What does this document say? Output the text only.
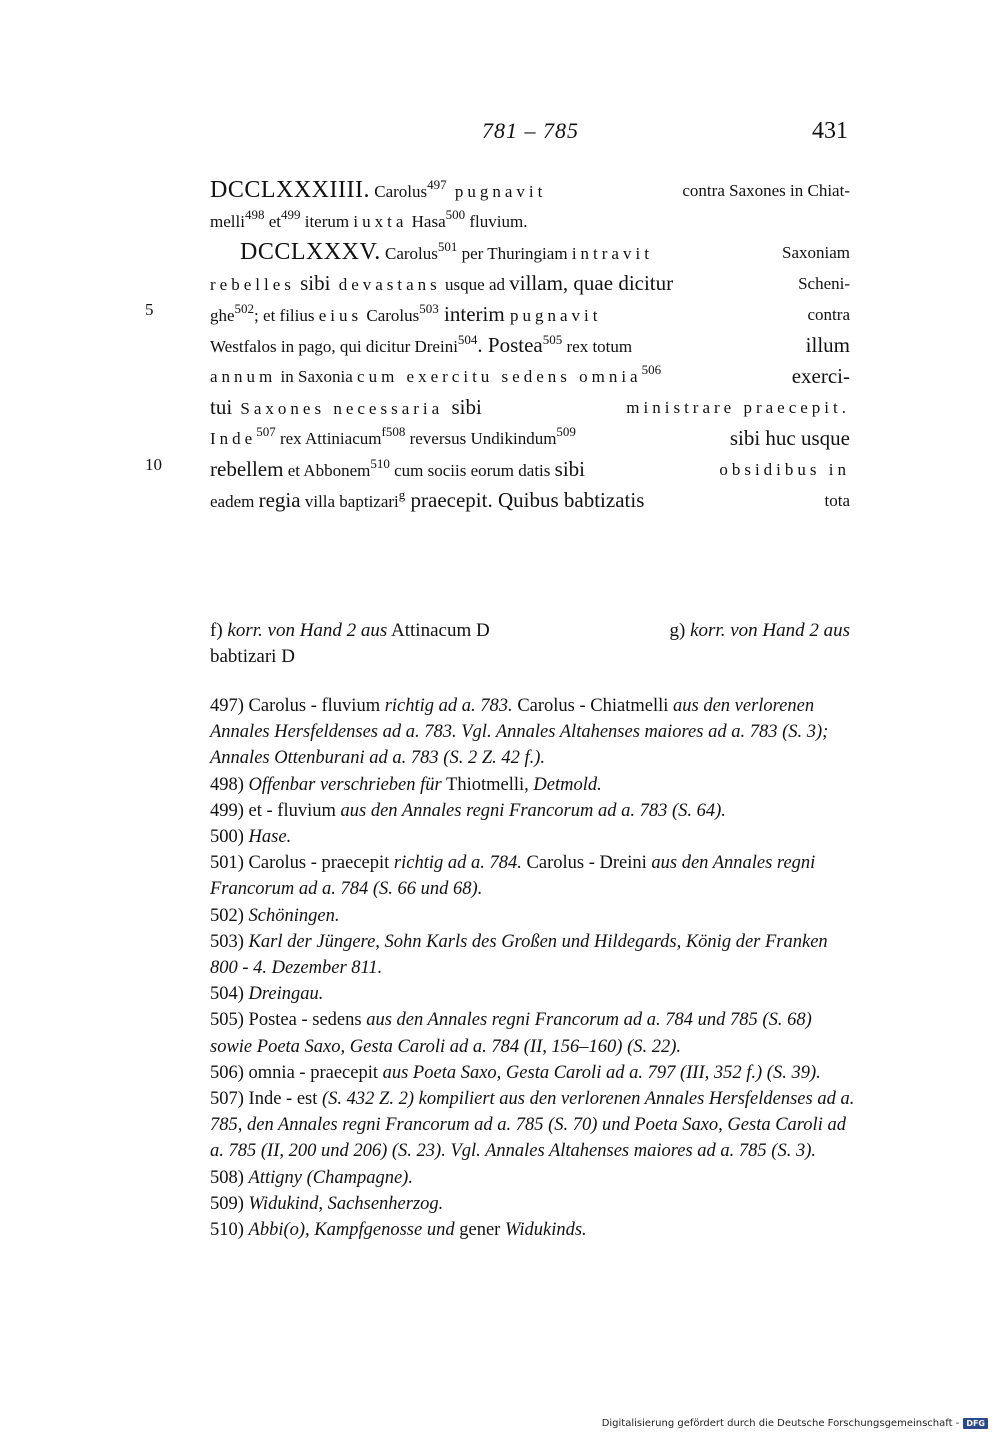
781 – 785	431
DCCLXXXIIII. Carolus$^{497}$ pugnavit	contra Saxones in Chiat-
melli$^{498}$ $et^{499}$ iterum iuxta Hasa$^{500}$ fluvium.
DCCLXXXV. Carolus$^{501}$ per Thuringiam intravit	Saxoniam
rebelles sibi devastans usque ad villam, quae dicitur	Scheni-
ghe$^{502}$; et filius eius Carolus$^{503}$ interim pugnavit	contra
Westfalos in pago, qui dicitur Dreini$^{504}$. Postea$^{505}$ rex totum	illum
annum in Saxonia cum exercitu sedens omnia$^{506}$	exerci-
tui Saxones necessaria sibi	ministrare praecepit.
Inde$^{507}$ rex Attiniacum$^{f508}$ reversus Undikindum$^{509}$	sibi huc usque
rebellem et Abbonem$^{510}$ cum sociis eorum datis sibi	obsidibus in
eadem regia villa baptizari$^g$ praecepit. Quibus babtizatis	tota
5
10
f) korr. von Hand 2 aus Attinacum D	g) korr. von Hand 2 aus
babtizari D

497) Carolus - fluvium richtig ad a. 783. Carolus - Chiatmelli aus den verlorenen Annales Hersfeldenses ad a. 783. Vgl. Annales Altahenses maiores ad a. 783 (S. 3); Annales Ottenburani ad a. 783 (S. 2 Z. 42 f.).

498) Offenbar verschrieben für Thiotmelli, Detmold.

499) et - fluvium aus den Annales regni Francorum ad a. 783 (S. 64).

500) Hase.

501) Carolus - praecepit richtig ad a. 784. Carolus - Dreini aus den Annales regni Francorum ad a. 784 (S. 66 und 68).

502) Schöningen.

503) Karl der Jüngere, Sohn Karls des Großen und Hildegards, König der Franken 800 - 4. Dezember 811.

504) Dreingau.

505) Postea - sedens aus den Annales regni Francorum ad a. 784 und 785 (S. 68) sowie Poeta Saxo, Gesta Caroli ad a. 784 (II, 156–160) (S. 22).

506) omnia - praecepit aus Poeta Saxo, Gesta Caroli ad a. 797 (III, 352 f.) (S. 39).

507) Inde - est (S. 432 Z. 2) kompiliert aus den verlorenen Annales Hersfeldenses ad a. 785, den Annales regni Francorum ad a. 785 (S. 70) und Poeta Saxo, Gesta Caroli ad a. 785 (II, 200 und 206) (S. 23). Vgl. Annales Altahenses maiores ad a. 785 (S. 3).

508) Attigny (Champagne).

509) Widukind, Sachsenherzog.

510) Abbi(o), Kampfgenosse und gener Widukinds.

Digitalisierung gefördert durch die Deutsche Forschungsgemeinschaft - DFG
